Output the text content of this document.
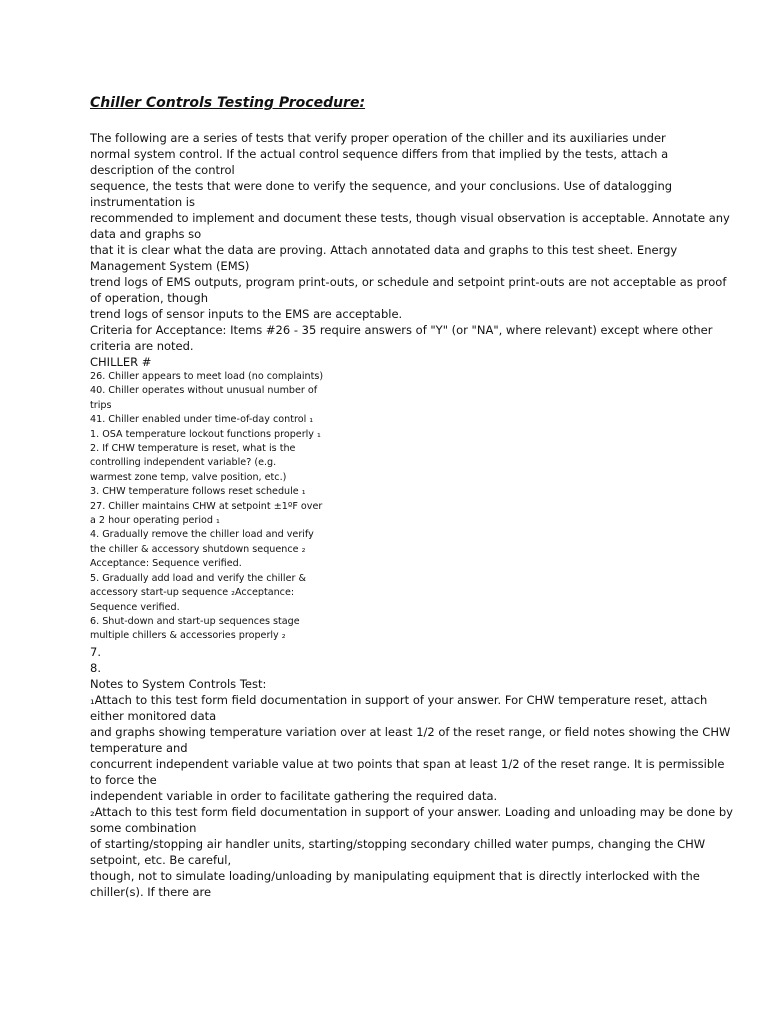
Chiller Controls Testing Procedure:
The following are a series of tests that verify proper operation of the chiller and its auxiliaries under
normal system control. If the actual control sequence differs from that implied by the tests, attach a
description of the control
sequence, the tests that were done to verify the sequence, and your conclusions. Use of datalogging
instrumentation is
recommended to implement and document these tests, though visual observation is acceptable. Annotate any
data and graphs so
that it is clear what the data are proving. Attach annotated data and graphs to this test sheet. Energy
Management System (EMS)
trend logs of EMS outputs, program print-outs, or schedule and setpoint print-outs are not acceptable as proof
of operation, though
trend logs of sensor inputs to the EMS are acceptable.
Criteria for Acceptance: Items #26 - 35 require answers of "Y" (or "NA", where relevant) except where other
criteria are noted.
CHILLER #
26. Chiller appears to meet load (no complaints)
40. Chiller operates without unusual number of
trips
41. Chiller enabled under time-of-day control ₁
1. OSA temperature lockout functions properly ₁
2. If CHW temperature is reset, what is the
controlling independent variable? (e.g.
warmest zone temp, valve position, etc.)
3. CHW temperature follows reset schedule ₁
27. Chiller maintains CHW at setpoint ￼±1ºF over
a 2 hour operating period ₁
4. Gradually remove the chiller load and verify
the chiller & accessory shutdown sequence ₂
Acceptance: Sequence verified.
5. Gradually add load and verify the chiller &
accessory start-up sequence ₂Acceptance:
Sequence verified.
6. Shut-down and start-up sequences stage
multiple chillers & accessories properly ₂
7.
8.
Notes to System Controls Test:
₁Attach to this test form field documentation in support of your answer. For CHW temperature reset, attach
either monitored data
and graphs showing temperature variation over at least 1/2 of the reset range, or field notes showing the CHW
temperature and
concurrent independent variable value at two points that span at least 1/2 of the reset range. It is permissible
to force the
independent variable in order to facilitate gathering the required data.
₂Attach to this test form field documentation in support of your answer. Loading and unloading may be done by
some combination
of starting/stopping air handler units, starting/stopping secondary chilled water pumps, changing the CHW
setpoint, etc. Be careful,
though, not to simulate loading/unloading by manipulating equipment that is directly interlocked with the
chiller(s). If there are
